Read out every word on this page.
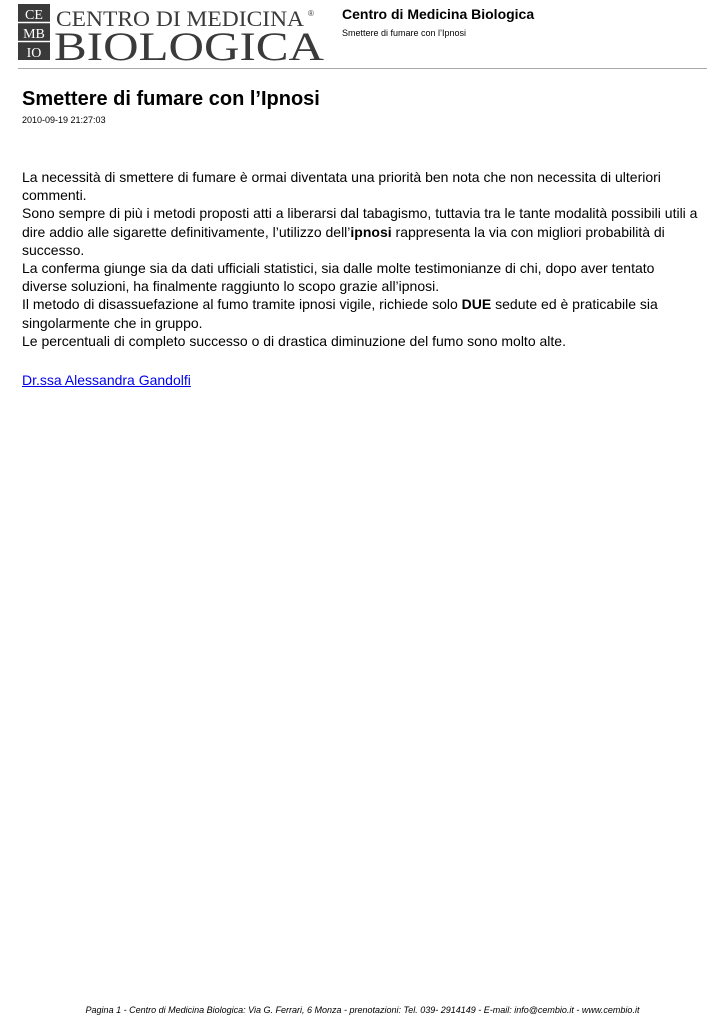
CE
MB
IO
CENTRO DI MEDICINA ®
BIOLOGICA
Centro di Medicina Biologica
Smettere di fumare con l’Ipnosi
Smettere di fumare con l’Ipnosi
2010-09-19 21:27:03

La necessità di smettere di fumare è ormai diventata una priorità ben nota che non necessita di ulteriori commenti.

Sono sempre di più i metodi proposti atti a liberarsi dal tabagismo, tuttavia tra le tante modalità possibili utili a dire addio alle sigarette definitivamente, l’utilizzo dell’ipnosi rappresenta la via con migliori probabilità di successo.

La conferma giunge sia da dati ufficiali statistici, sia dalle molte testimonianze di chi, dopo aver tentato diverse soluzioni, ha finalmente raggiunto lo scopo grazie all’ipnosi.

Il metodo di disassuefazione al fumo tramite ipnosi vigile, richiede solo DUE sedute ed è praticabile sia singolarmente che in gruppo.

Le percentuali di completo successo o di drastica diminuzione del fumo sono molto alte.

Dr.ssa Alessandra Gandolfi
Pagina 1 - Centro di Medicina Biologica: Via G. Ferrari, 6 Monza - prenotazioni: Tel. 039- 2914149 - E-mail: info@cembio.it - www.cembio.it
